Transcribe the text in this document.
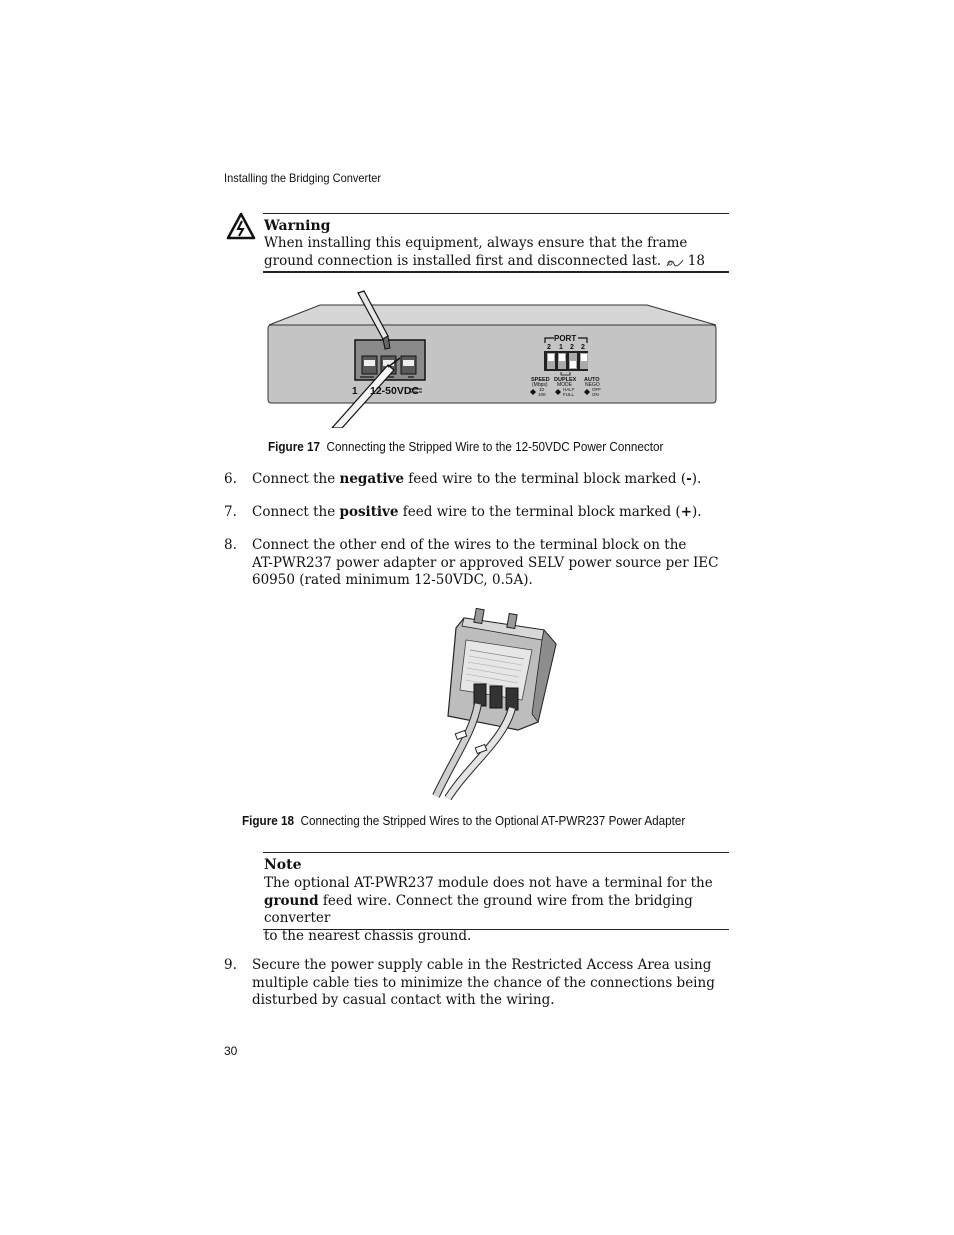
Installing the Bridging Converter
Warning
When installing this equipment, always ensure that the frame ground connection is installed first and disconnected last. 18
1 12-50VDC
PORT
2 1 2 2
SPEED
(Mbps)
DUPLEX
MODE
AUTO
NEGO
10
100
HALF
FULL
OFF
ON
Figure 17 Connecting the Stripped Wire to the 12-50VDC Power Connector
6. Connect the negative feed wire to the terminal block marked (-).
7. Connect the positive feed wire to the terminal block marked (+).
8. Connect the other end of the wires to the terminal block on the
AT-PWR237 power adapter or approved SELV power source per IEC
60950 (rated minimum 12-50VDC, 0.5A).
Figure 18 Connecting the Stripped Wires to the Optional AT-PWR237 Power Adapter
Note
The optional AT-PWR237 module does not have a terminal for the
ground feed wire. Connect the ground wire from the bridging converter
to the nearest chassis ground.
9. Secure the power supply cable in the Restricted Access Area using
multiple cable ties to minimize the chance of the connections being
disturbed by casual contact with the wiring.
30
